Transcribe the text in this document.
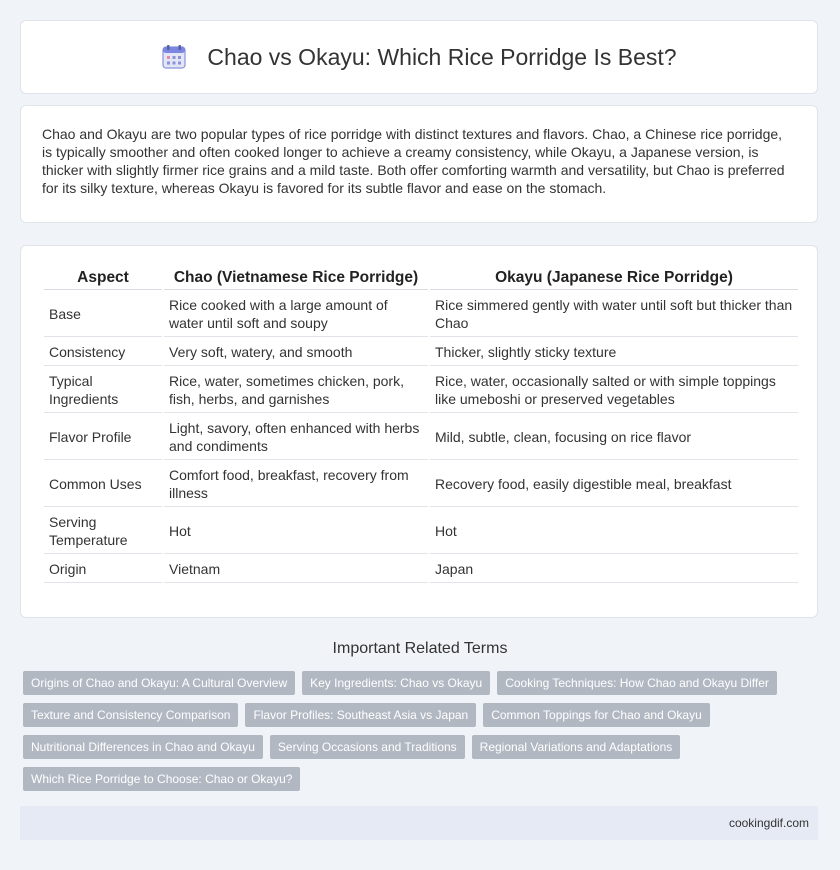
Chao vs Okayu: Which Rice Porridge Is Best?

Chao and Okayu are two popular types of rice porridge with distinct textures and flavors. Chao, a Chinese rice porridge, is typically smoother and often cooked longer to achieve a creamy consistency, while Okayu, a Japanese version, is thicker with slightly firmer rice grains and a mild taste. Both offer comforting warmth and versatility, but Chao is preferred for its silky texture, whereas Okayu is favored for its subtle flavor and ease on the stomach.

Aspect	Chao (Vietnamese Rice Porridge)	Okayu (Japanese Rice Porridge)
Base	Rice cooked with a large amount of water until soft and soupy	Rice simmered gently with water until soft but thicker than Chao
Consistency	Very soft, watery, and smooth	Thicker, slightly sticky texture
Typical Ingredients	Rice, water, sometimes chicken, pork, fish, herbs, and garnishes	Rice, water, occasionally salted or with simple toppings like umeboshi or preserved vegetables
Flavor Profile	Light, savory, often enhanced with herbs and condiments	Mild, subtle, clean, focusing on rice flavor
Common Uses	Comfort food, breakfast, recovery from illness	Recovery food, easily digestible meal, breakfast
Serving Temperature	Hot	Hot
Origin	Vietnam	Japan
Important Related Terms
Origins of Chao and Okayu: A Cultural Overview	Key Ingredients: Chao vs Okayu	Cooking Techniques: How Chao and Okayu Differ
Texture and Consistency Comparison	Flavor Profiles: Southeast Asia vs Japan	Common Toppings for Chao and Okayu
Nutritional Differences in Chao and Okayu	Serving Occasions and Traditions	Regional Variations and Adaptations
Which Rice Porridge to Choose: Chao or Okayu?
cookingdif.com
